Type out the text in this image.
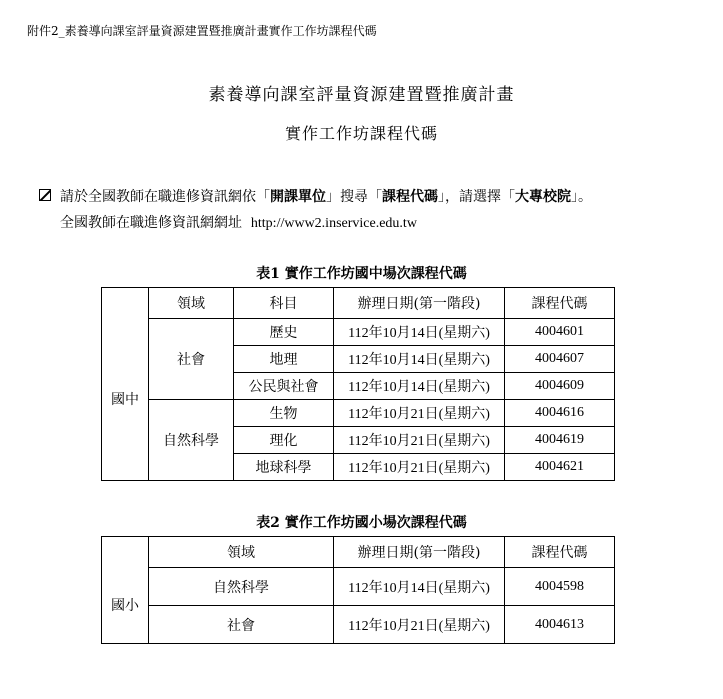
附件2_素養導向課室評量資源建置暨推廣計畫實作工作坊課程代碼
素養導向課室評量資源建置暨推廣計畫
實作工作坊課程代碼
請於全國教師在職進修資訊網依「開課單位」搜尋「課程代碼」，請選擇「大專校院」。
全國教師在職進修資訊網網址 http://www2.inservice.edu.tw
表1 實作工作坊國中場次課程代碼
	領域	科目	辦理日期(第一階段)	課程代碼
國中	社會	歷史	112年10月14日(星期六)	4004601
		地理	112年10月14日(星期六)	4004607
		公民與社會	112年10月14日(星期六)	4004609
	自然科學	生物	112年10月21日(星期六)	4004616
		理化	112年10月21日(星期六)	4004619
		地球科學	112年10月21日(星期六)	4004621
表2 實作工作坊國小場次課程代碼
	領域	辦理日期(第一階段)	課程代碼
國小	自然科學	112年10月14日(星期六)	4004598
	社會	112年10月21日(星期六)	4004613
